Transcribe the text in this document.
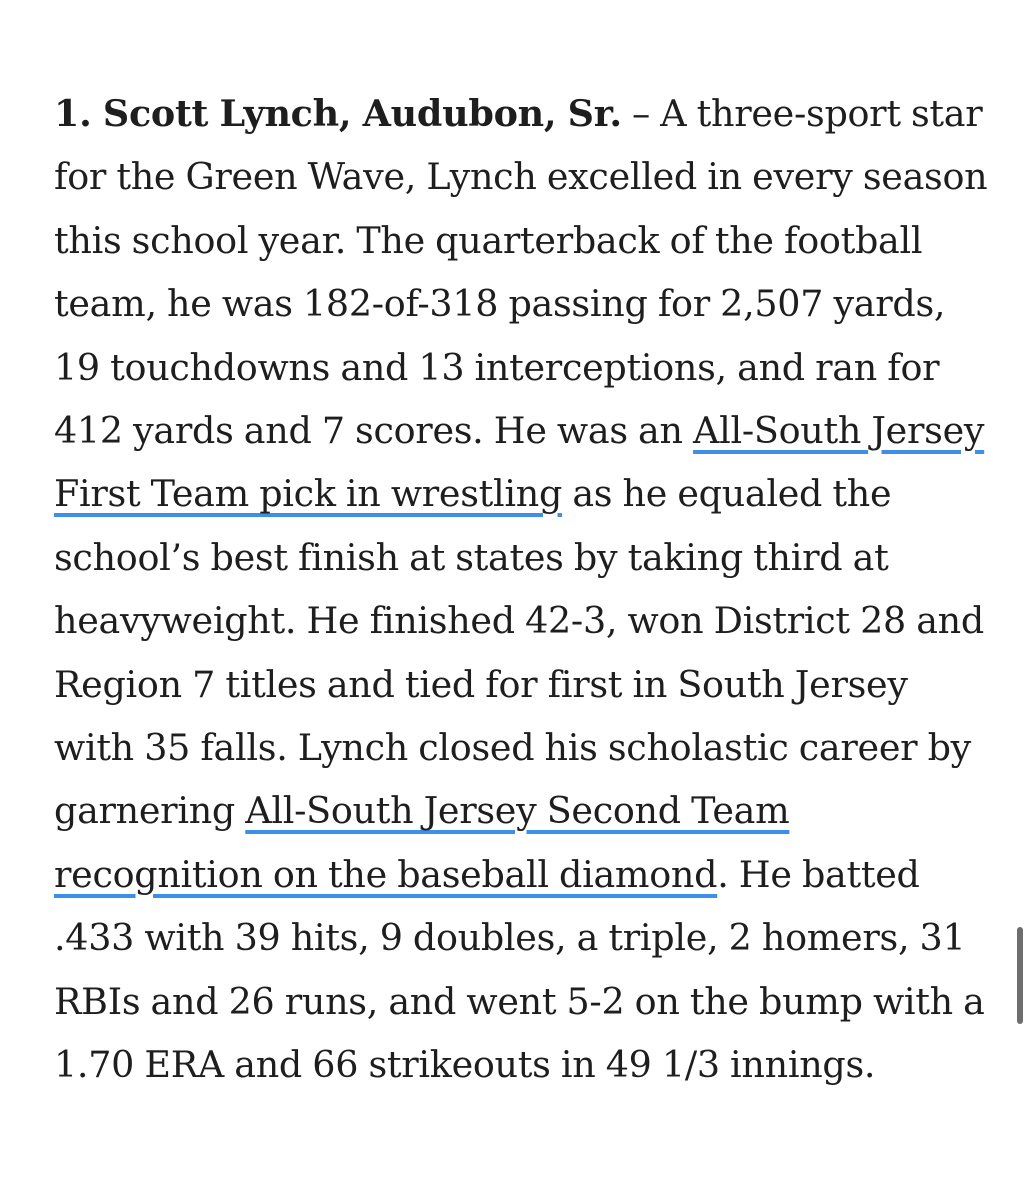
1. Scott Lynch, Audubon, Sr. – A three-sport star for the Green Wave, Lynch excelled in every season this school year. The quarterback of the football team, he was 182-of-318 passing for 2,507 yards, 19 touchdowns and 13 interceptions, and ran for 412 yards and 7 scores. He was an All-South Jersey First Team pick in wrestling as he equaled the school’s best finish at states by taking third at heavyweight. He finished 42-3, won District 28 and Region 7 titles and tied for first in South Jersey with 35 falls. Lynch closed his scholastic career by garnering All-South Jersey Second Team recognition on the baseball diamond. He batted .433 with 39 hits, 9 doubles, a triple, 2 homers, 31 RBIs and 26 runs, and went 5-2 on the bump with a 1.70 ERA and 66 strikeouts in 49 1/3 innings.
